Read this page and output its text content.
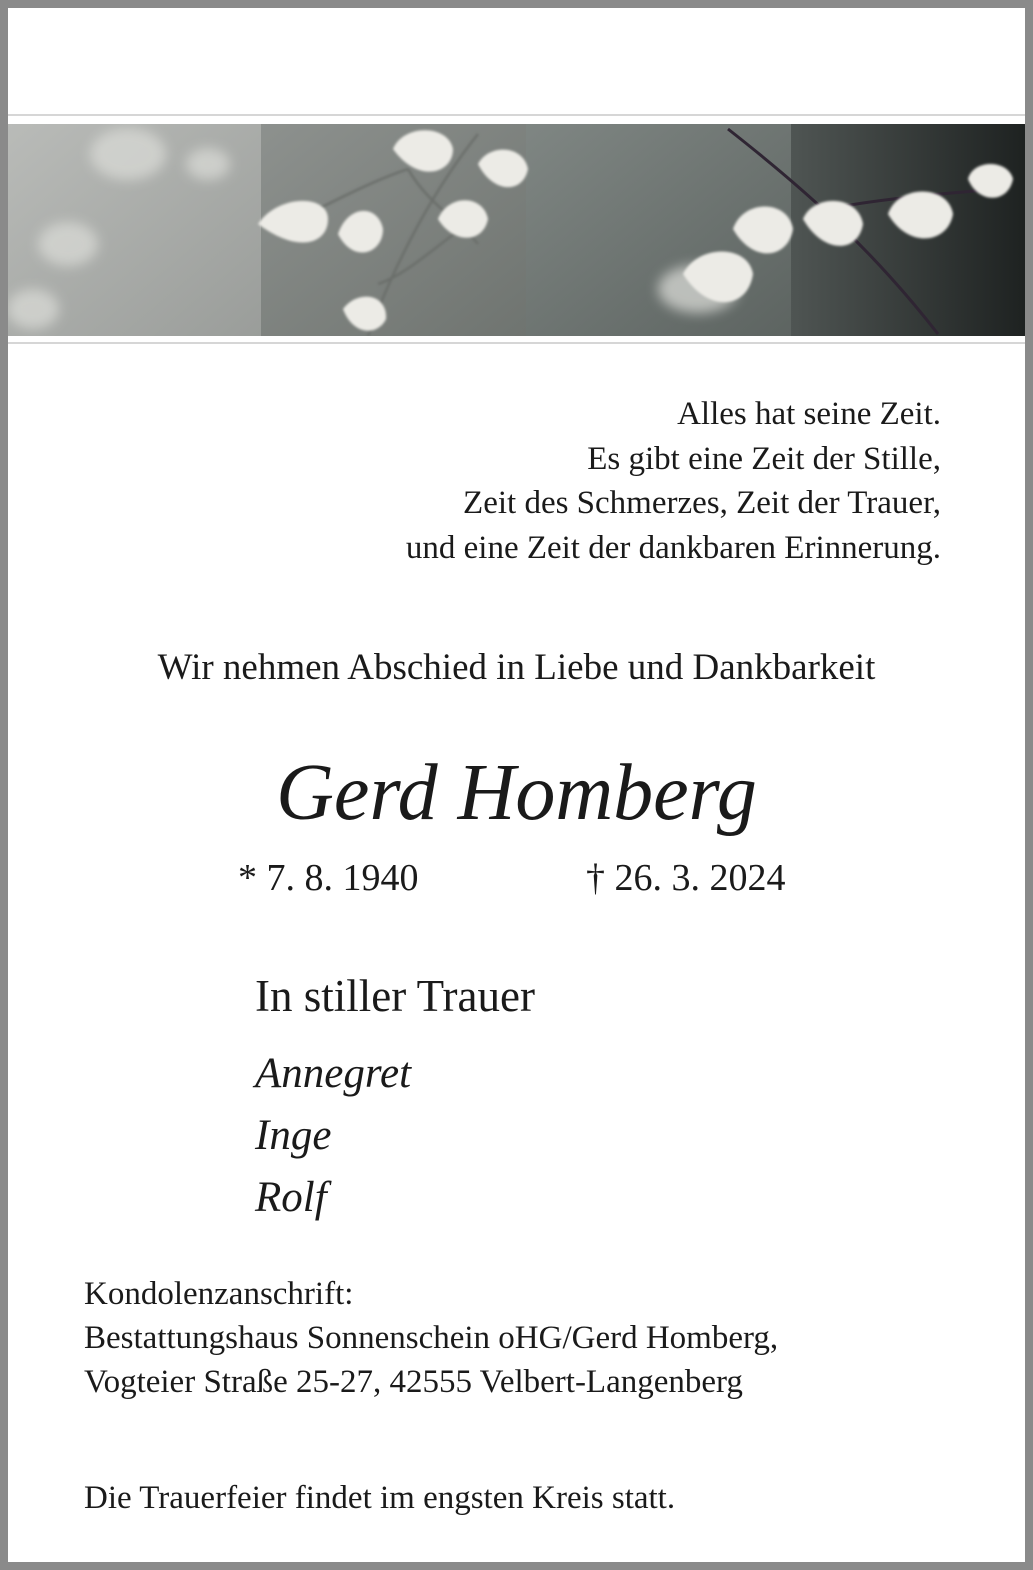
Alles hat seine Zeit.
Es gibt eine Zeit der Stille,
Zeit des Schmerzes, Zeit der Trauer,
und eine Zeit der dankbaren Erinnerung.
Wir nehmen Abschied in Liebe und Dankbarkeit
Gerd Homberg
* 7. 8. 1940	† 26. 3. 2024
In stiller Trauer
Annegret
Inge
Rolf
Kondolenzanschrift:
Bestattungshaus Sonnenschein oHG/Gerd Homberg,
Vogteier Straße 25-27, 42555 Velbert-Langenberg
Die Trauerfeier findet im engsten Kreis statt.
